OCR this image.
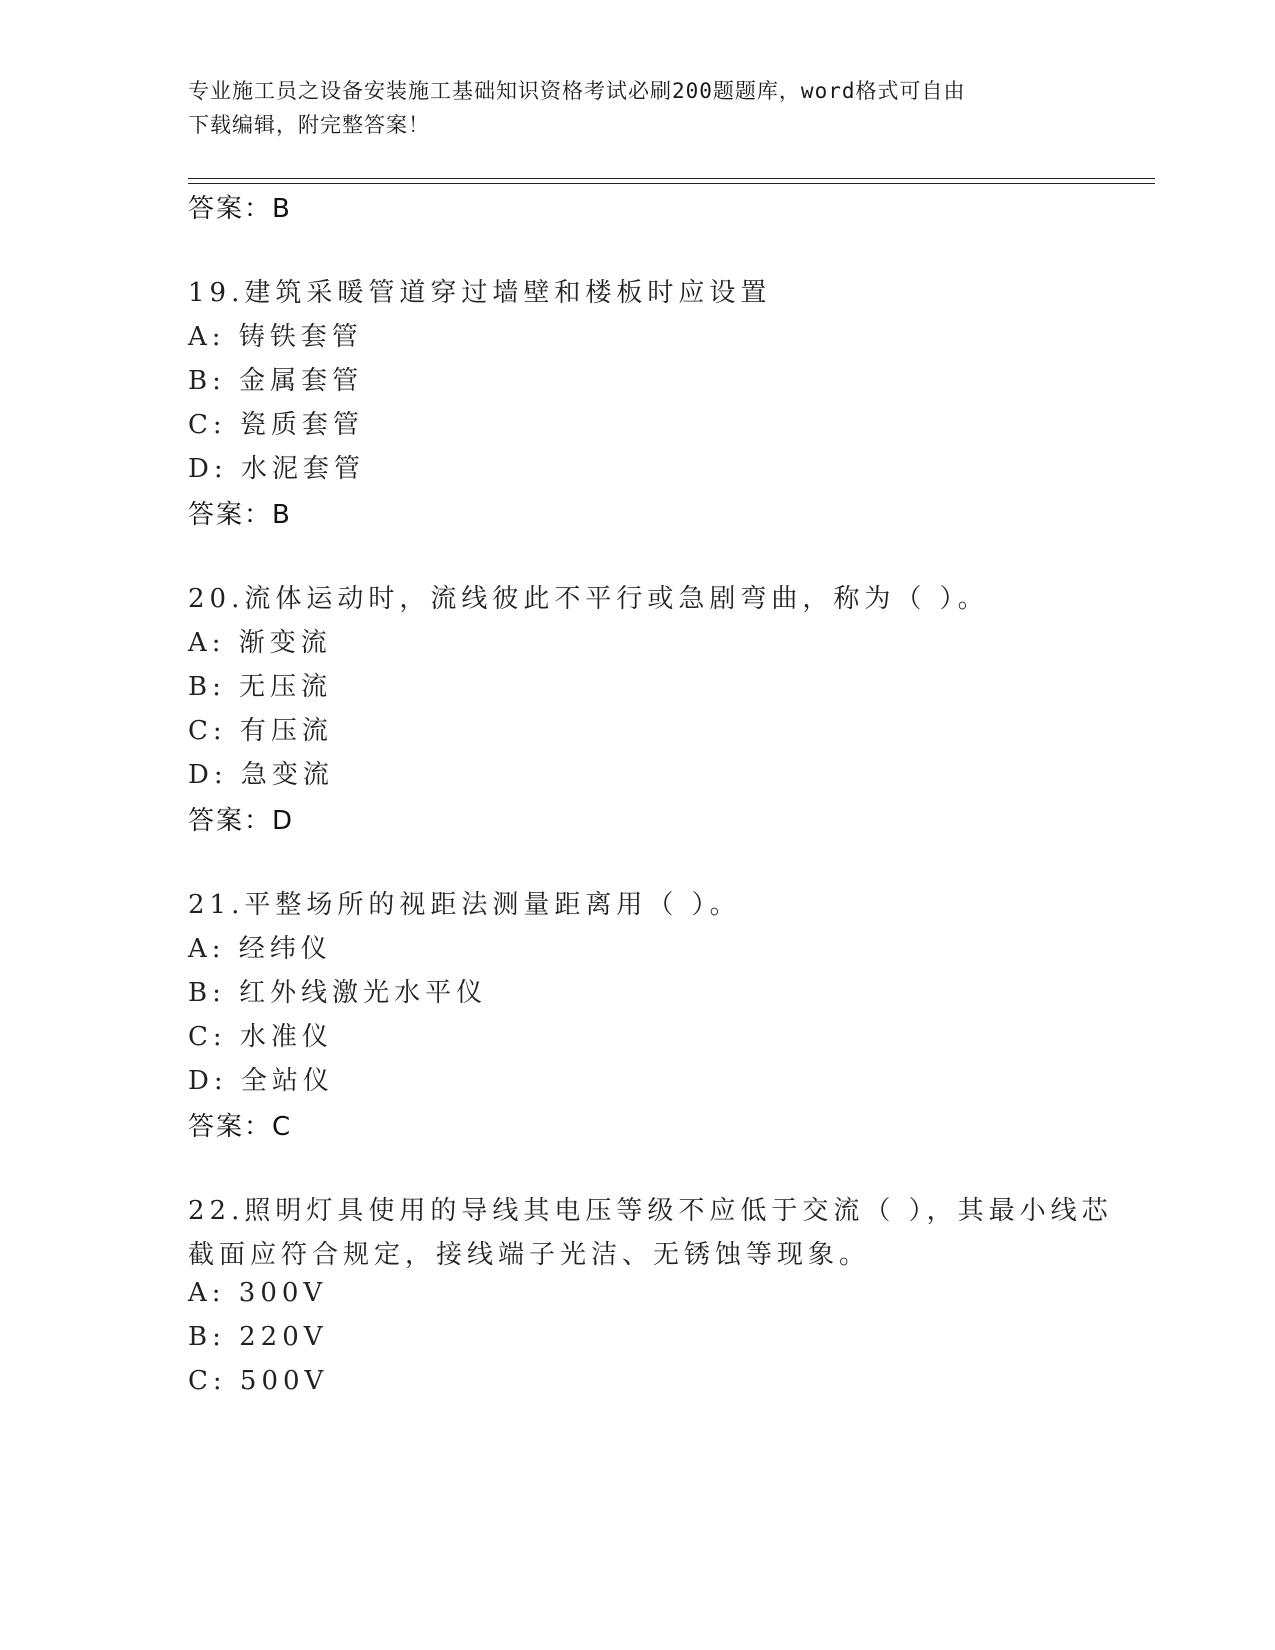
专业施工员之设备安装施工基础知识资格考试必刷200题题库，word格式可自由
下载编辑，附完整答案！
答案：B
19.建筑采暖管道穿过墙壁和楼板时应设置
A: 铸铁套管
B: 金属套管
C: 瓷质套管
D: 水泥套管
答案：B
20.流体运动时，流线彼此不平行或急剧弯曲，称为（ ）。
A: 渐变流
B: 无压流
C: 有压流
D: 急变流
答案：D
21.平整场所的视距法测量距离用（ ）。
A: 经纬仪
B: 红外线激光水平仪
C: 水准仪
D: 全站仪
答案：C
22.照明灯具使用的导线其电压等级不应低于交流（ ），其最小线芯
截面应符合规定，接线端子光洁、无锈蚀等现象。
A: 300V
B: 220V
C: 500V
